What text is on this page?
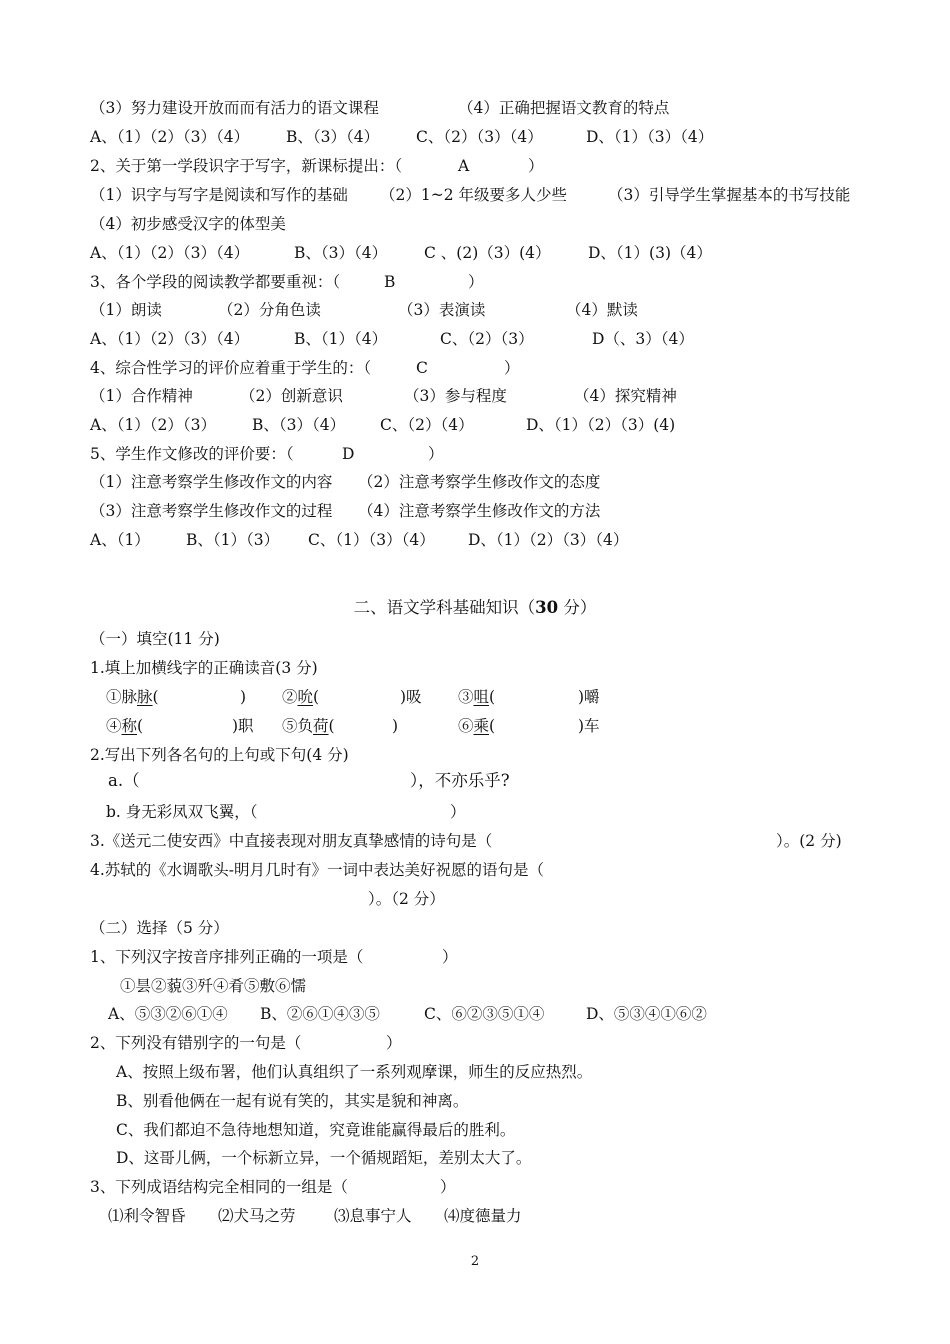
（3）努力建设开放而而有活力的语文课程	（4）正确把握语文教育的特点
A、（1）（2）（3）（4） B、（3）（4） C、（2）（3）（4）	D、（1）（3）（4）
2、关于第一学段识字于写字，新课标提出：（	A	）
（1）识字与写字是阅读和写作的基础 （2）1~2 年级要多人少些	（3）引导学生掌握基本的书写技能
（4）初步感受汉字的体型美
A、（1）（2）（3）（4）	B、（3）（4） C 、(2)（3）(4） D、（1）(3)（4）
3、各个学段的阅读教学都要重视：（	B	）
（1）朗读	（2）分角色读	（3）表演读	（4）默读
A、（1）（2）（3）（4）	B、（1）（4）	C、（2）（3）	D（、3）（4）
4、综合性学习的评价应着重于学生的：（	C	）
（1）合作精神	（2）创新意识	（3）参与程度	（4）探究精神
A、（1）（2）（3） B、（3）（4） C、（2）（4）	D、（1）（2）（3）(4)
5、学生作文修改的评价要：（	D	）
（1）注意考察学生修改作文的内容 （2）注意考察学生修改作文的态度
（3）注意考察学生修改作文的过程 （4）注意考察学生修改作文的方法
A、（1） B、（1）（3） C、（1）（3）（4） D、（1）（2）（3）（4）
二、语文学科基础知识（30 分）
（一）填空(11 分)
1.填上加横线字的正确读音(3 分)
①脉脉(	) ②吮(	)吸 ③咀(	)嚼
④称(	)职 ⑤负荷(	)	⑥乘(	)车
2.写出下列各名句的上句或下句(4 分)
a.（	），不亦乐乎?
b. 身无彩凤双飞翼，（	）
3.《送元二使安西》中直接表现对朋友真挚感情的诗句是（	）。(2 分)
4.苏轼的《水调歌头-明月几时有》一词中表达美好祝愿的语句是（
）。（2 分）
（二）选择（5 分）
1、下列汉字按音序排列正确的一项是（	）
①昙②藐③歼④肴⑤敷⑥懦
A、⑤③②⑥①④ B、②⑥①④③⑤	C、⑥②③⑤①④	D、⑤③④①⑥②
2、下列没有错别字的一句是（	）
A、按照上级布署，他们认真组织了一系列观摩课，师生的反应热烈。
B、别看他俩在一起有说有笑的，其实是貌和神离。
C、我们都迫不急待地想知道，究竟谁能赢得最后的胜利。
D、这哥儿俩，一个标新立异，一个循规蹈矩，差别太大了。
3、下列成语结构完全相同的一组是（	）
⑴利令智昏 ⑵犬马之劳 ⑶息事宁人 ⑷度德量力
2
